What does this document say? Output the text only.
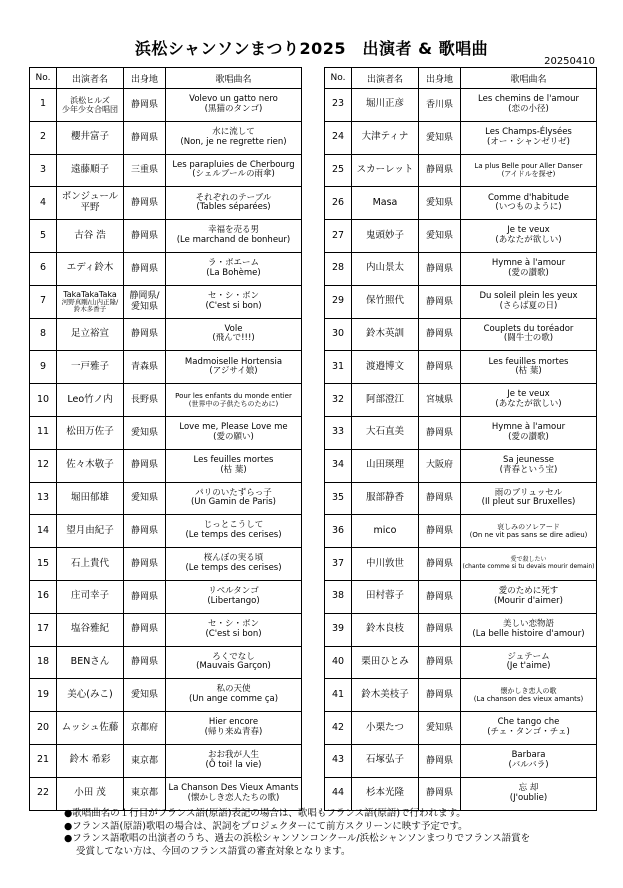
浜松シャンソンまつり2025　出演者 & 歌唱曲
20250410
No.	出演者名	出身地	歌唱曲名
1	浜松ヒルズ
少年少女合唱団	静岡県	Volevo un gatto nero
(黒猫のタンゴ)

2	櫻井富子	静岡県	水に流して
(Non, je ne regrette rien)

3	遠藤順子	三重県	Les parapluies de Cherbourg
(シェルブールの雨傘)

4	ボンジュール
平野	静岡県	それぞれのテーブル
(Tables séparées)

5	古谷 浩	静岡県	幸福を売る男
(Le marchand de bonheur)

6	エディ鈴木	静岡県	ラ・ボエーム
(La Bohème)

7	TakaTakaTaka
河野真剛/山内正隆/
鈴木多香子	静岡県/
愛知県	セ・シ・ボン
(C'est si bon)

8	足立裕宣	静岡県	Vole
(飛んで!!!)

9	一戸雅子	青森県	Madmoiselle Hortensia
(アジサイ娘)

10	Leo竹ノ内	長野県	Pour les enfants du monde entier
(世界中の子供たちのために)

11	松田万佐子	愛知県	Love me, Please Love me
(愛の願い)

12	佐々木敬子	静岡県	Les feuilles mortes
(枯 葉)

13	堀田郁雄	愛知県	パリのいたずらっ子
(Un Gamin de Paris)

14	望月由紀子	静岡県	じっとこうして
(Le temps des cerises)

15	石上貴代	静岡県	桜んぼの実る頃
(Le temps des cerises)

16	庄司幸子	静岡県	リベルタンゴ
(Libertango)

17	塩谷雅紀	静岡県	セ・シ・ボン
(C'est si bon)

18	BENさん	静岡県	ろくでなし
(Mauvais Garçon)

19	美心(みこ)	愛知県	私の天使
(Un ange comme ça)

20	ムッシュ佐藤	京都府	Hier encore
(帰り来ぬ青春)

21	鈴木 希彩	東京都	おお我が人生
(Ô toi! la vie)

22	小田 茂	東京都	La Chanson Des Vieux Amants
(懐かしき恋人たちの歌)
No.	出演者名	出身地	歌唱曲名
23	堀川正彦	香川県	Les chemins de l'amour
(恋の小径)

24	大津ティナ	愛知県	Les Champs-Élysées
(オー・シャンゼリゼ)

25	スカーレット	静岡県	La plus Belle pour Aller Danser
(アイドルを探せ)

26	Masa	愛知県	Comme d'habitude
(いつものように)

27	鬼頭妙子	愛知県	Je te veux
(あなたが欲しい)

28	内山景太	静岡県	Hymne à l'amour
(愛の讃歌)

29	保竹照代	静岡県	Du soleil plein les yeux
(さらば夏の日)

30	鈴木英訓	静岡県	Couplets du toréador
(闘牛士の歌)

31	渡邉博文	静岡県	Les feuilles mortes
(枯 葉)

32	阿部澄江	宮城県	Je te veux
(あなたが欲しい)

33	大石直美	静岡県	Hymne à l'amour
(愛の讃歌)

34	山田瑛理	大阪府	Sa jeunesse
(青春という宝)

35	服部静香	静岡県	雨のブリュッセル
(Il pleut sur Bruxelles)

36	mico	静岡県	哀しみのソレアード
(On ne vit pas sans se dire adieu)

37	中川敦世	静岡県	愛で殺したい
(chante comme si tu devais mourir demain)

38	田村蓉子	静岡県	愛のために死す
(Mourir d'aimer)

39	鈴木良枝	静岡県	美しい恋物語
(La belle histoire d'amour)

40	栗田ひとみ	静岡県	ジュテーム
(Je t'aime)

41	鈴木美枝子	静岡県	懐かしき恋人の歌
(La chanson des vieux amants)

42	小栗たつ	愛知県	Che tango che
(チェ・タンゴ・チェ)

43	石塚弘子	静岡県	Barbara
(バルバラ)

44	杉本光隆	静岡県	忘 却
(J'oublie)
●歌唱曲名の１行目がフランス語(原語)表記の場合は、歌唱もフランス語(原語)で行われます。
●フランス語(原語)歌唱の場合は、訳詞をプロジェクターにて前方スクリーンに映す予定です。
●フランス語歌唱の出演者のうち、過去の浜松シャンソンコンクール/浜松シャンソンまつりでフランス語賞を
受賞してない方は、今回のフランス語賞の審査対象となります。
